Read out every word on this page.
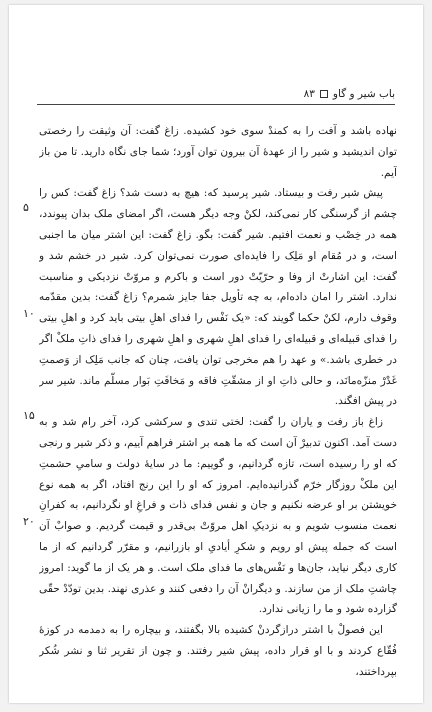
باب شیر و گاو۸۳

نهاده باشد و آفت را به کمندْ سوی خود کشیده. زاغ گفت: آن وثیقت را رخصتی توان اندیشید و شیر را از عهدهٔ آن بیرون توان آورد؛ شما جای نگاه دارید. تا من باز آیم.

پیش شیر رفت و بیستاد. شیر پرسید که: هیچ به دست شد؟ زاغ گفت: کس را چشم از گرسنگی کار نمی‌کند، لکنْ وجه دیگر هست، اگر امضای ملک بدان پیوندد، همه در خِصْب و نعمت افتیم. شیر گفت: بگو. زاغ گفت: این اشتر میان ما اجنبی است، و در مُقام او مَلِک را فایده‌ای صورت نمی‌توان کرد. شیر در خشم شد و گفت: این اشارتْ از وفا و حرّیّتْ دور است و باکرم و مروّتْ نزدیکی و مناسبت ندارد. اشتر را امان داده‌ام، به چه تأویل جفا جایز شمرم؟ زاغ گفت: بدین مقدّمه وقوف دارم، لکنْ حکما گویند که: «یک نَفْس را فدای اهلِ بیتی باید کرد و اهلِ بیتی را فدای قبیله‌ای و قبیله‌ای را فدای اهلِ شهری و اهلِ شهری را فدای ذاتِ ملکْ اگر در خطری باشد.» و عهد را هم مخرجی توان یافت، چنان که جانب مَلِک از وَصمتِ غَدْرْ منزّه‌مانَد، و حالی ذاتِ او از مشقّتِ فاقه و مَخافَتِ بَوار مسلّم ماند. شیر سر در پیش افگند.

زاغ باز رفت و یاران را گفت: لختی تندی و سرکشی کرد، آخر رام شد و به دست آمد. اکنون تدبیرْ آن است که ما همه بر اشتر فراهم آییم، و ذکر شیر و رنجی که او را رسیده است، تازه گردانیم، و گوییم: ما در سایهٔ دولت و سامیِ حشمتِ این ملکْ روزگار خرّم گذرانیده‌ایم. امروز که او را این رنج افتاد، اگر به همه نوع خویشتن بر او عرضه نکنیم و جان و نفس فدای ذات و فراغِ او نگردانیم، به کفرانِ نعمت منسوب شویم و به نزدیکِ اهل مروّتْ بی‌قدر و قیمت گردیم. و صوابْ آن است که جمله پیش او رویم و شکرِ أیادیِ او بازرانیم، و مقرّر گردانیم که از ما کاری دیگر نیاید، جان‌ها و نَفْس‌های ما فدای ملک است. و هر یک از ما گوید: امروز چاشتِ ملک از من سازند. و دیگرانْ آن را دفعی کنند و عذری نهند. بدین تودّدْ حقّی گزارده شود و ما را زیانی ندارد.

این فصولْ با اشتر درازگردنْ کشیده بالا بگفتند، و بیچاره را به دمدمه در کوزهٔ فُقّاع کردند و با او قرار داده، پیش شیر رفتند. و چون از تقریر ثنا و نشر شُکر بپرداختند،

۵
۱۰
۱۵
۲۰
